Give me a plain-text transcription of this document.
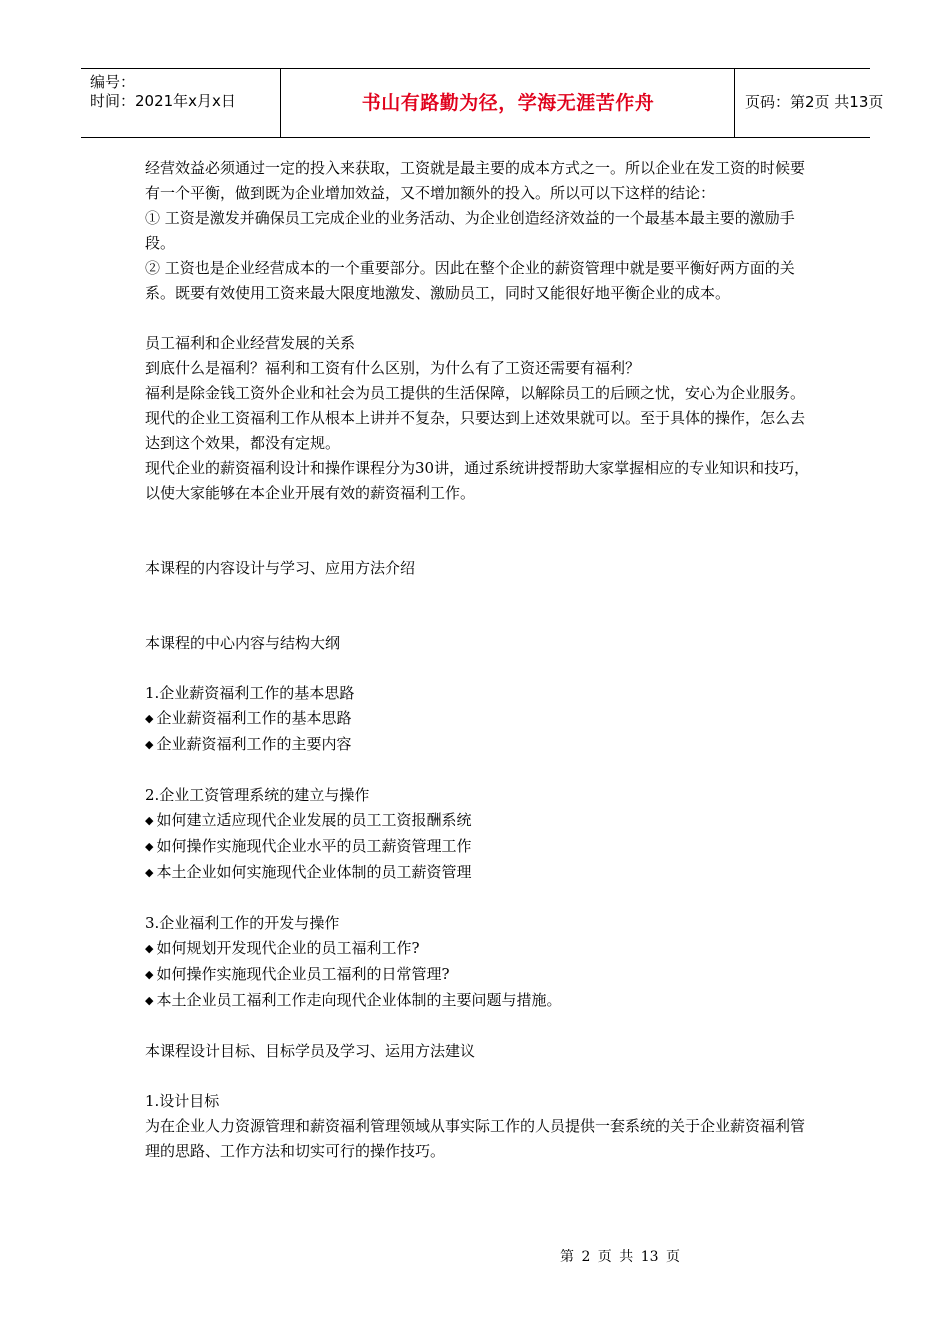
编号：
时间：2021年x月x日	书山有路勤为径，学海无涯苦作舟	页码：第2页 共13页

经营效益必须通过一定的投入来获取，工资就是最主要的成本方式之一。所以企业在发工资的时候要有一个平衡，做到既为企业增加效益，又不增加额外的投入。所以可以下这样的结论：

① 工资是激发并确保员工完成企业的业务活动、为企业创造经济效益的一个最基本最主要的激励手段。

② 工资也是企业经营成本的一个重要部分。因此在整个企业的薪资管理中就是要平衡好两方面的关系。既要有效使用工资来最大限度地激发、激励员工，同时又能很好地平衡企业的成本。

员工福利和企业经营发展的关系

到底什么是福利？福利和工资有什么区别，为什么有了工资还需要有福利？

福利是除金钱工资外企业和社会为员工提供的生活保障，以解除员工的后顾之忧，安心为企业服务。

现代的企业工资福利工作从根本上讲并不复杂，只要达到上述效果就可以。至于具体的操作，怎么去达到这个效果，都没有定规。

现代企业的薪资福利设计和操作课程分为30讲，通过系统讲授帮助大家掌握相应的专业知识和技巧，以使大家能够在本企业开展有效的薪资福利工作。

本课程的内容设计与学习、应用方法介绍

本课程的中心内容与结构大纲

1.企业薪资福利工作的基本思路

◆ 企业薪资福利工作的基本思路

◆ 企业薪资福利工作的主要内容

2.企业工资管理系统的建立与操作

◆ 如何建立适应现代企业发展的员工工资报酬系统

◆ 如何操作实施现代企业水平的员工薪资管理工作

◆ 本土企业如何实施现代企业体制的员工薪资管理

3.企业福利工作的开发与操作

◆ 如何规划开发现代企业的员工福利工作?

◆ 如何操作实施现代企业员工福利的日常管理?

◆ 本土企业员工福利工作走向现代企业体制的主要问题与措施。

本课程设计目标、目标学员及学习、运用方法建议

1.设计目标

为在企业人力资源管理和薪资福利管理领域从事实际工作的人员提供一套系统的关于企业薪资福利管理的思路、工作方法和切实可行的操作技巧。

第 2 页 共 13 页
